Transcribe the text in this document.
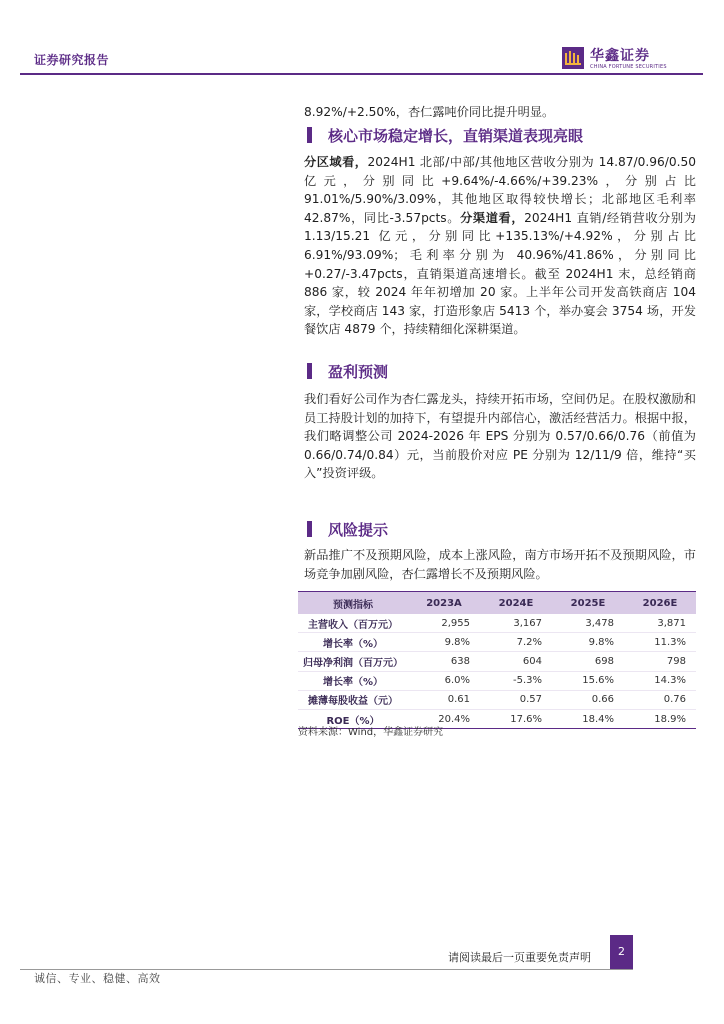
证券研究报告	华鑫证券
CHINA FORTUNE SECURITIES
8.92%/+2.50%，杏仁露吨价同比提升明显。
核心市场稳定增长，直销渠道表现亮眼
分区域看，2024H1 北部/中部/其他地区营收分别为 14.87/0.96/0.50 亿元，分别同比+9.64%/-4.66%/+39.23%，分别占比 91.01%/5.90%/3.09%，其他地区取得较快增长；北部地区毛利率 42.87%，同比-3.57pcts。分渠道看，2024H1 直销/经销营收分别为 1.13/15.21 亿元，分别同比+135.13%/+4.92%，分别占比 6.91%/93.09%；毛利率分别为 40.96%/41.86%，分别同比+0.27/-3.47pcts，直销渠道高速增长。截至 2024H1 末，总经销商 886 家，较 2024 年年初增加 20 家。上半年公司开发高铁商店 104 家，学校商店 143 家，打造形象店 5413 个，举办宴会 3754 场，开发餐饮店 4879 个，持续精细化深耕渠道。
盈利预测
我们看好公司作为杏仁露龙头，持续开拓市场，空间仍足。在股权激励和员工持股计划的加持下，有望提升内部信心，激活经营活力。根据中报，我们略调整公司 2024-2026 年 EPS 分别为 0.57/0.66/0.76（前值为 0.66/0.74/0.84）元，当前股价对应 PE 分别为 12/11/9 倍，维持“买入”投资评级。
风险提示
新品推广不及预期风险，成本上涨风险，南方市场开拓不及预期风险，市场竞争加剧风险，杏仁露增长不及预期风险。
预测指标	2023A	2024E	2025E	2026E
主营收入（百万元）	2,955	3,167	3,478	3,871
增长率（%）	9.8%	7.2%	9.8%	11.3%
归母净利润（百万元）	638	604	698	798
增长率（%）	6.0%	-5.3%	15.6%	14.3%
摊薄每股收益（元）	0.61	0.57	0.66	0.76
ROE（%）	20.4%	17.6%	18.4%	18.9%
资料来源：Wind，华鑫证券研究
请阅读最后一页重要免责声明	2
诚信、专业、稳健、高效
